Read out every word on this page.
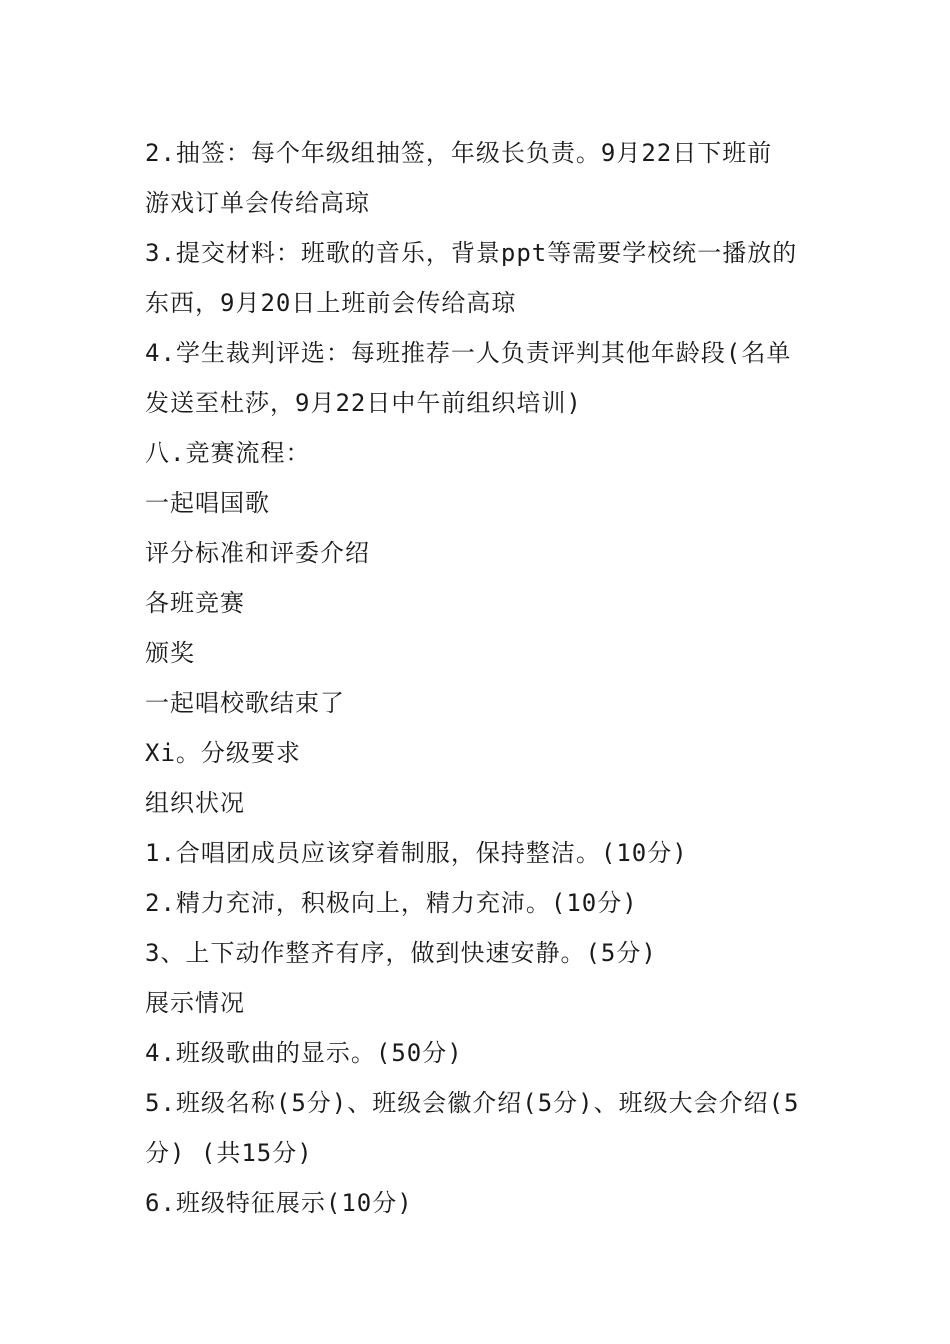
2.抽签：每个年级组抽签，年级长负责。9月22日下班前
游戏订单会传给高琼
3.提交材料：班歌的音乐，背景ppt等需要学校统一播放的
东西，9月20日上班前会传给高琼
4.学生裁判评选：每班推荐一人负责评判其他年龄段(名单
发送至杜莎，9月22日中午前组织培训)
八.竞赛流程：
一起唱国歌
评分标准和评委介绍
各班竞赛
颁奖
一起唱校歌结束了
Xi。分级要求
组织状况
1.合唱团成员应该穿着制服，保持整洁。(10分)
2.精力充沛，积极向上，精力充沛。(10分)
3、上下动作整齐有序，做到快速安静。(5分)
展示情况
4.班级歌曲的显示。(50分)
5.班级名称(5分)、班级会徽介绍(5分)、班级大会介绍(5
分) (共15分)
6.班级特征展示(10分)
